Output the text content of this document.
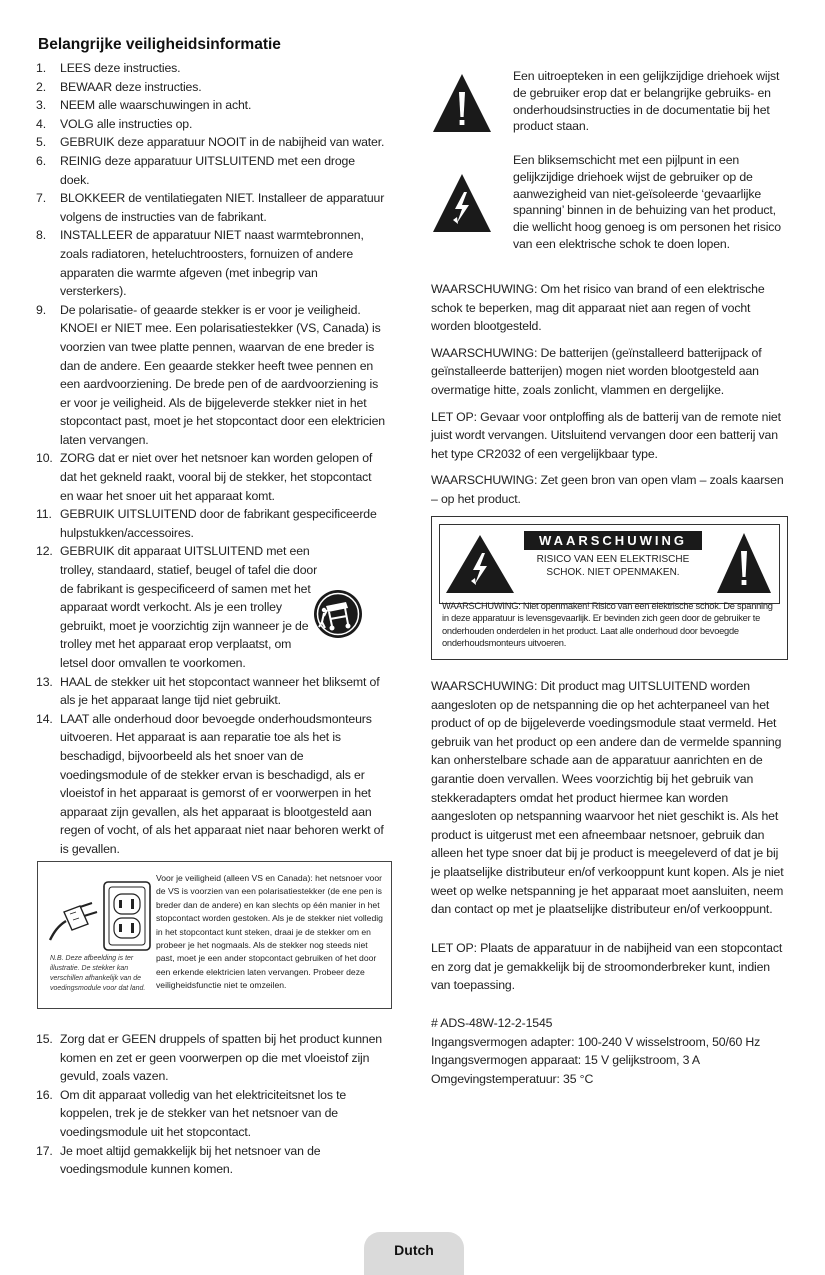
Belangrijke veiligheidsinformatie
1.	LEES deze instructies.
2.	BEWAAR deze instructies.
3.	NEEM alle waarschuwingen in acht.
4.	VOLG alle instructies op.
5.	GEBRUIK deze apparatuur NOOIT in de nabijheid van water.
6.	REINIG deze apparatuur UITSLUITEND met een droge doek.
7.	BLOKKEER de ventilatiegaten NIET. Installeer de apparatuur volgens de instructies van de fabrikant.
8.	INSTALLEER de apparatuur NIET naast warmtebronnen, zoals radiatoren, heteluchtroosters, fornuizen of andere apparaten die warmte afgeven (met inbegrip van versterkers).
9.	De polarisatie- of geaarde stekker is er voor je veiligheid. KNOEI er NIET mee. Een polarisatiestekker (VS, Canada) is voorzien van twee platte pennen, waarvan de ene breder is dan de andere. Een geaarde stekker heeft twee pennen en een aardvoorziening. De brede pen of de aardvoorziening is er voor je veiligheid. Als de bijgeleverde stekker niet in het stopcontact past, moet je het stopcontact door een elektricien laten vervangen.
10. ZORG dat er niet over het netsnoer kan worden gelopen of dat het gekneld raakt, vooral bij de stekker, het stopcontact en waar het snoer uit het apparaat komt.
11. GEBRUIK UITSLUITEND door de fabrikant gespecificeerde hulpstukken/accessoires.
12. GEBRUIK dit apparaat UITSLUITEND met een trolley, standaard, statief, beugel of tafel die door de fabrikant is gespecificeerd of samen met het apparaat wordt verkocht. Als je een trolley gebruikt, moet je voorzichtig zijn wanneer je de trolley met het apparaat erop verplaatst, om letsel door omvallen te voorkomen.
13. HAAL de stekker uit het stopcontact wanneer het bliksemt of als je het apparaat lange tijd niet gebruikt.
14. LAAT alle onderhoud door bevoegde onderhoudsmonteurs uitvoeren. Het apparaat is aan reparatie toe als het is beschadigd, bijvoorbeeld als het snoer van de voedingsmodule of de stekker ervan is beschadigd, als er vloeistof in het apparaat is gemorst of er voorwerpen in het apparaat zijn gevallen, als het apparaat is blootgesteld aan regen of vocht, of als het apparaat niet naar behoren werkt of is gevallen.
N.B. Deze afbeelding is ter illustratie. De stekker kan verschillen afhankelijk van de voedingsmodule voor dat land.
Voor je veiligheid (alleen VS en Canada): het netsnoer voor de VS is voorzien van een polarisatiestekker (de ene pen is breder dan de andere) en kan slechts op één manier in het stopcontact worden gestoken. Als je de stekker niet volledig in het stopcontact kunt steken, draai je de stekker om en probeer je het nogmaals. Als de stekker nog steeds niet past, moet je een ander stopcontact gebruiken of het door een erkende elektricien laten vervangen. Probeer deze veiligheidsfunctie niet te omzeilen.
15. Zorg dat er GEEN druppels of spatten bij het product kunnen komen en zet er geen voorwerpen op die met vloeistof zijn gevuld, zoals vazen.
16. Om dit apparaat volledig van het elektriciteitsnet los te koppelen, trek je de stekker van het netsnoer van de voedingsmodule uit het stopcontact.
17. Je moet altijd gemakkelijk bij het netsnoer van de voedingsmodule kunnen komen.
Een uitroepteken in een gelijkzijdige driehoek wijst de gebruiker erop dat er belangrijke gebruiks- en onderhoudsinstructies in de documentatie bij het product staan.
Een bliksemschicht met een pijlpunt in een gelijkzijdige driehoek wijst de gebruiker op de aanwezigheid van niet-geïsoleerde ‘gevaarlijke spanning’ binnen in de behuizing van het product, die wellicht hoog genoeg is om personen het risico van een elektrische schok te doen lopen.

WAARSCHUWING: Om het risico van brand of een elektrische schok te beperken, mag dit apparaat niet aan regen of vocht worden blootgesteld.

WAARSCHUWING: De batterijen (geïnstalleerd batterijpack of geïnstalleerde batterijen) mogen niet worden blootgesteld aan overmatige hitte, zoals zonlicht, vlammen en dergelijke.

LET OP: Gevaar voor ontploffing als de batterij van de remote niet juist wordt vervangen. Uitsluitend vervangen door een batterij van het type CR2032 of een vergelijkbaar type.

WAARSCHUWING: Zet geen bron van open vlam – zoals kaarsen – op het product.

WAARSCHUWING
RISICO VAN EEN ELEKTRISCHE SCHOK. NIET OPENMAKEN.
WAARSCHUWING: Niet openmaken! Risico van een elektrische schok. De spanning in deze apparatuur is levensgevaarlijk. Er bevinden zich geen door de gebruiker te onderhouden onderdelen in het product. Laat alle onderhoud door bevoegde onderhoudsmonteurs uitvoeren.

WAARSCHUWING: Dit product mag UITSLUITEND worden aangesloten op de netspanning die op het achterpaneel van het product of op de bijgeleverde voedingsmodule staat vermeld. Het gebruik van het product op een andere dan de vermelde spanning kan onherstelbare schade aan de apparatuur aanrichten en de garantie doen vervallen. Wees voorzichtig bij het gebruik van stekkeradapters omdat het product hiermee kan worden aangesloten op netspanning waarvoor het niet geschikt is. Als het product is uitgerust met een afneembaar netsnoer, gebruik dan alleen het type snoer dat bij je product is meegeleverd of dat je bij je plaatselijke distributeur en/of verkooppunt kunt kopen. Als je niet weet op welke netspanning je het apparaat moet aansluiten, neem dan contact op met je plaatselijke distributeur en/of verkooppunt.

LET OP: Plaats de apparatuur in de nabijheid van een stopcontact en zorg dat je gemakkelijk bij de stroomonderbreker kunt, indien van toepassing.

# ADS-48W-12-2-1545
Ingangsvermogen adapter: 100-240 V wisselstroom, 50/60 Hz
Ingangsvermogen apparaat: 15 V gelijkstroom, 3 A
Omgevingstemperatuur: 35 °C
Dutch
